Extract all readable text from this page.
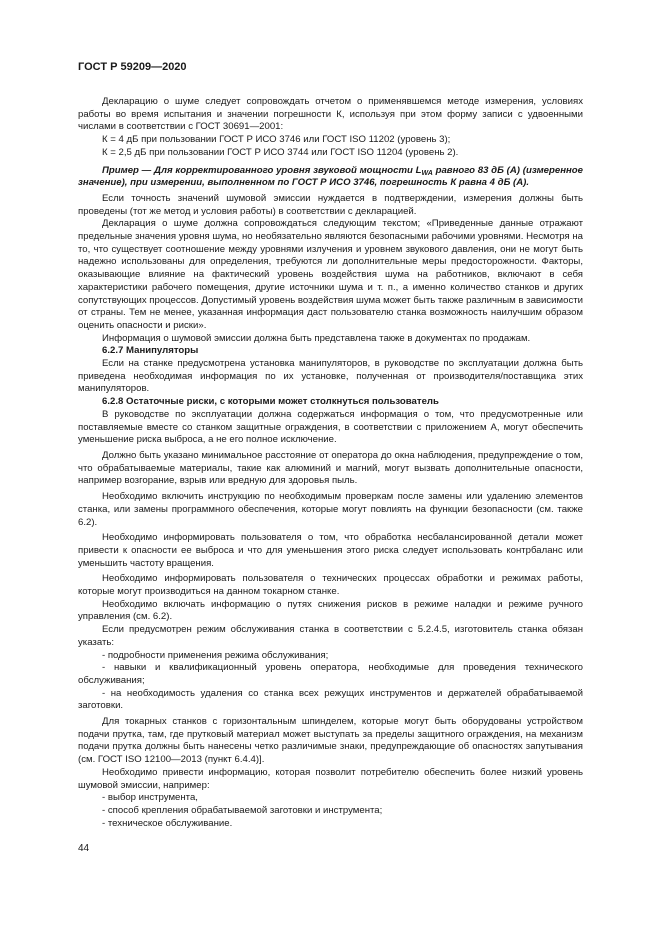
ГОСТ Р 59209—2020

Декларацию о шуме следует сопровождать отчетом о применявшемся методе измерения, условиях работы во время испытания и значении погрешности К, используя при этом форму записи с удвоенными числами в соответствии с ГОСТ 30691—2001:

К = 4 дБ при пользовании ГОСТ Р ИСО 3746 или ГОСТ ISO 11202 (уровень 3);

К = 2,5 дБ при пользовании ГОСТ Р ИСО 3744 или ГОСТ ISO 11204 (уровень 2).

Пример — Для корректированного уровня звуковой мощности $L_{WA}$ равного 83 дБ (А) (измеренное значение), при измерении, выполненном по ГОСТ Р ИСО 3746, погрешность К равна 4 дБ (А).

Если точность значений шумовой эмиссии нуждается в подтверждении, измерения должны быть проведены (тот же метод и условия работы) в соответствии с декларацией.

Декларация о шуме должна сопровождаться следующим текстом; «Приведенные данные отражают предельные значения уровня шума, но необязательно являются безопасными рабочими уровнями. Несмотря на то, что существует соотношение между уровнями излучения и уровнем звукового давления, они не могут быть надежно использованы для определения, требуются ли дополнительные меры предосторожности. Факторы, оказывающие влияние на фактический уровень воздействия шума на работников, включают в себя характеристики рабочего помещения, другие источники шума и т. п., а именно количество станков и других сопутствующих процессов. Допустимый уровень воздействия шума может быть также различным в зависимости от страны. Тем не менее, указанная информация даст пользователю станка возможность наилучшим образом оценить опасности и риски».

Информация о шумовой эмиссии должна быть представлена также в документах по продажам.

6.2.7 Манипуляторы

Если на станке предусмотрена установка манипуляторов, в руководстве по эксплуатации должна быть приведена необходимая информация по их установке, полученная от производителя/поставщика этих манипуляторов.

6.2.8 Остаточные риски, с которыми может столкнуться пользователь

В руководстве по эксплуатации должна содержаться информация о том, что предусмотренные или поставляемые вместе со станком защитные ограждения, в соответствии с приложением А, могут обеспечить уменьшение риска выброса, а не его полное исключение.

Должно быть указано минимальное расстояние от оператора до окна наблюдения, предупреждение о том, что обрабатываемые материалы, такие как алюминий и магний, могут вызвать дополнительные опасности, например возгорание, взрыв или вредную для здоровья пыль.

Необходимо включить инструкцию по необходимым проверкам после замены или удалению элементов станка, или замены программного обеспечения, которые могут повлиять на функции безопасности (см. также 6.2).

Необходимо информировать пользователя о том, что обработка несбалансированной детали может привести к опасности ее выброса и что для уменьшения этого риска следует использовать контрбаланс или уменьшить частоту вращения.

Необходимо информировать пользователя о технических процессах обработки и режимах работы, которые могут производиться на данном токарном станке.

Необходимо включать информацию о путях снижения рисков в режиме наладки и режиме ручного управления (см. 6.2).

Если предусмотрен режим обслуживания станка в соответствии с 5.2.4.5, изготовитель станка обязан указать:

- подробности применения режима обслуживания;

- навыки и квалификационный уровень оператора, необходимые для проведения технического обслуживания;

- на необходимость удаления со станка всех режущих инструментов и держателей обрабатываемой заготовки.

Для токарных станков с горизонтальным шпинделем, которые могут быть оборудованы устройством подачи прутка, там, где прутковый материал может выступать за пределы защитного ограждения, на механизм подачи прутка должны быть нанесены четко различимые знаки, предупреждающие об опасностях запутывания (см. ГОСТ ISO 12100—2013 (пункт 6.4.4)].

Необходимо привести информацию, которая позволит потребителю обеспечить более низкий уровень шумовой эмиссии, например:

- выбор инструмента,

- способ крепления обрабатываемой заготовки и инструмента;

- техническое обслуживание.

44
